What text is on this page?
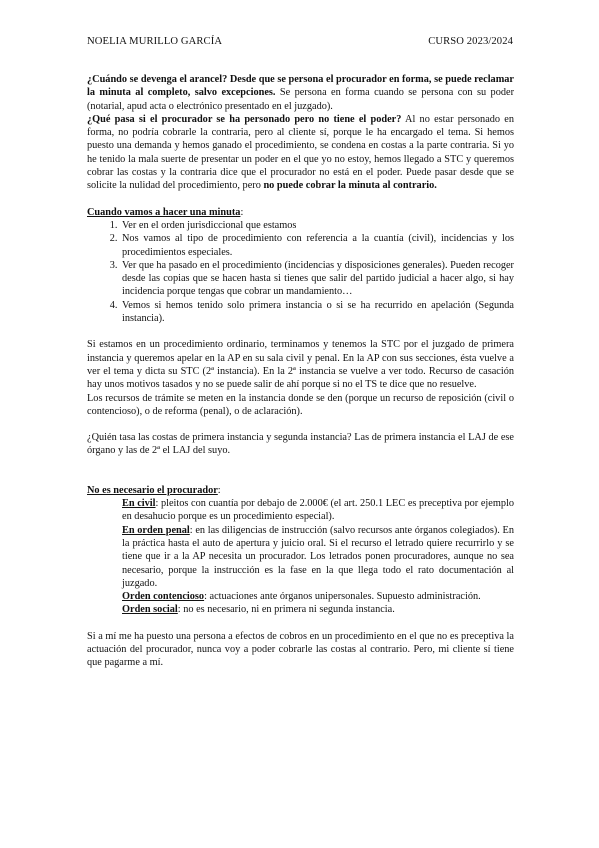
NOELIA MURILLO GARCÍA	CURSO 2023/2024

¿Cuándo se devenga el arancel? Desde que se persona el procurador en forma, se puede reclamar la minuta al completo, salvo excepciones. Se persona en forma cuando se persona con su poder (notarial, apud acta o electrónico presentado en el juzgado).
¿Qué pasa si el procurador se ha personado pero no tiene el poder? Al no estar personado en forma, no podría cobrarle la contraria, pero al cliente sí, porque le ha encargado el tema. Si hemos puesto una demanda y hemos ganado el procedimiento, se condena en costas a la parte contraria. Si yo he tenido la mala suerte de presentar un poder en el que yo no estoy, hemos llegado a STC y queremos cobrar las costas y la contraria dice que el procurador no está en el poder. Puede pasar desde que se solicite la nulidad del procedimiento, pero no puede cobrar la minuta al contrario.

Cuando vamos a hacer una minuta:

1. Ver en el orden jurisdiccional que estamos
2. Nos vamos al tipo de procedimiento con referencia a la cuantía (civil), incidencias y los procedimientos especiales.
3. Ver que ha pasado en el procedimiento (incidencias y disposiciones generales). Pueden recoger desde las copias que se hacen hasta si tienes que salir del partido judicial a hacer algo, si hay incidencia porque tengas que cobrar un mandamiento…
4. Vemos si hemos tenido solo primera instancia o si se ha recurrido en apelación (Segunda instancia).

Si estamos en un procedimiento ordinario, terminamos y tenemos la STC por el juzgado de primera instancia y queremos apelar en la AP en su sala civil y penal. En la AP con sus secciones, ésta vuelve a ver el tema y dicta su STC (2ª instancia). En la 2ª instancia se vuelve a ver todo. Recurso de casación hay unos motivos tasados y no se puede salir de ahí porque si no el TS te dice que no resuelve.

Los recursos de trámite se meten en la instancia donde se den (porque un recurso de reposición (civil o contencioso), o de reforma (penal), o de aclaración).

¿Quién tasa las costas de primera instancia y segunda instancia? Las de primera instancia el LAJ de ese órgano y las de 2ª el LAJ del suyo.

No es necesario el procurador:

En civil: pleitos con cuantía por debajo de 2.000€ (el art. 250.1 LEC es preceptiva por ejemplo en desahucio porque es un procedimiento especial).

En orden penal: en las diligencias de instrucción (salvo recursos ante órganos colegiados). En la práctica hasta el auto de apertura y juicio oral. Si el recurso el letrado quiere recurrirlo y se tiene que ir a la AP necesita un procurador. Los letrados ponen procuradores, aunque no sea necesario, porque la instrucción es la fase en la que llega todo el rato documentación al juzgado.

Orden contencioso: actuaciones ante órganos unipersonales. Supuesto administración.

Orden social: no es necesario, ni en primera ni segunda instancia.

Si a mí me ha puesto una persona a efectos de cobros en un procedimiento en el que no es preceptiva la actuación del procurador, nunca voy a poder cobrarle las costas al contrario. Pero, mi cliente sí tiene que pagarme a mí.
